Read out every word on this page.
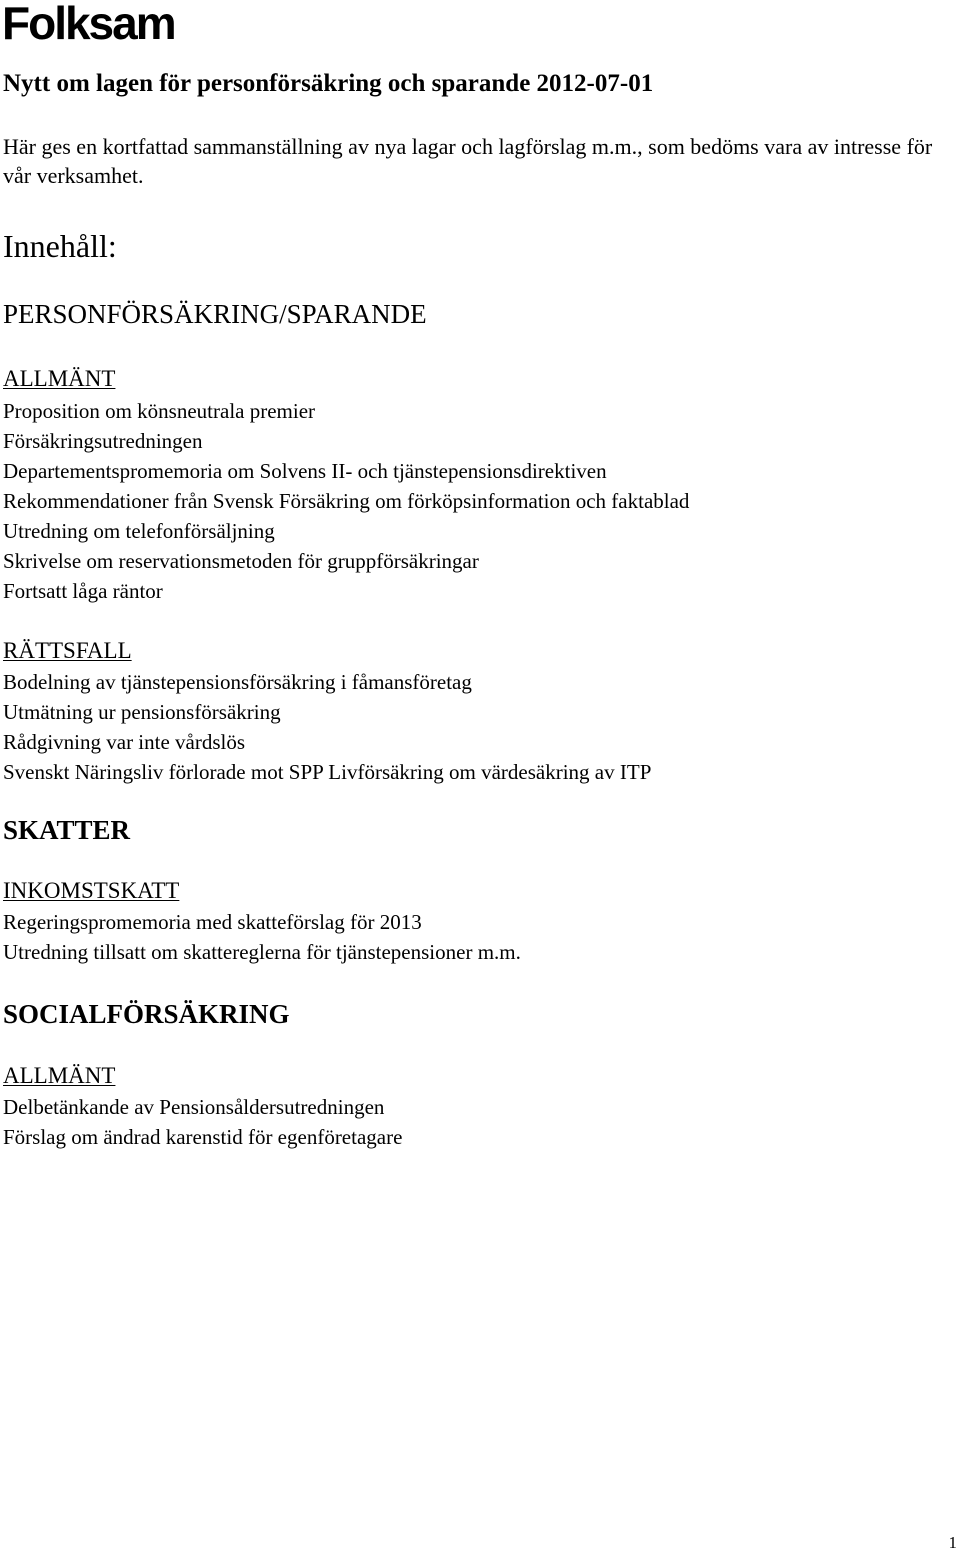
Folksam
Nytt om lagen för personförsäkring och sparande 2012-07-01
Här ges en kortfattad sammanställning av nya lagar och lagförslag m.m., som bedöms vara av intresse för vår verksamhet.
Innehåll:
PERSONFÖRSÄKRING/SPARANDE
ALLMÄNT
Proposition om könsneutrala premier
Försäkringsutredningen
Departementspromemoria om Solvens II- och tjänstepensionsdirektiven
Rekommendationer från Svensk Försäkring om förköpsinformation och faktablad
Utredning om telefonförsäljning
Skrivelse om reservationsmetoden för gruppförsäkringar
Fortsatt låga räntor
RÄTTSFALL
Bodelning av tjänstepensionsförsäkring i fåmansföretag
Utmätning ur pensionsförsäkring
Rådgivning var inte vårdslös
Svenskt Näringsliv förlorade mot SPP Livförsäkring om värdesäkring av ITP
SKATTER
INKOMSTSKATT
Regeringspromemoria med skatteförslag för 2013
Utredning tillsatt om skattereglerna för tjänstepensioner m.m.
SOCIALFÖRSÄKRING
ALLMÄNT
Delbetänkande av Pensionsåldersutredningen
Förslag om ändrad karenstid för egenföretagare
1
